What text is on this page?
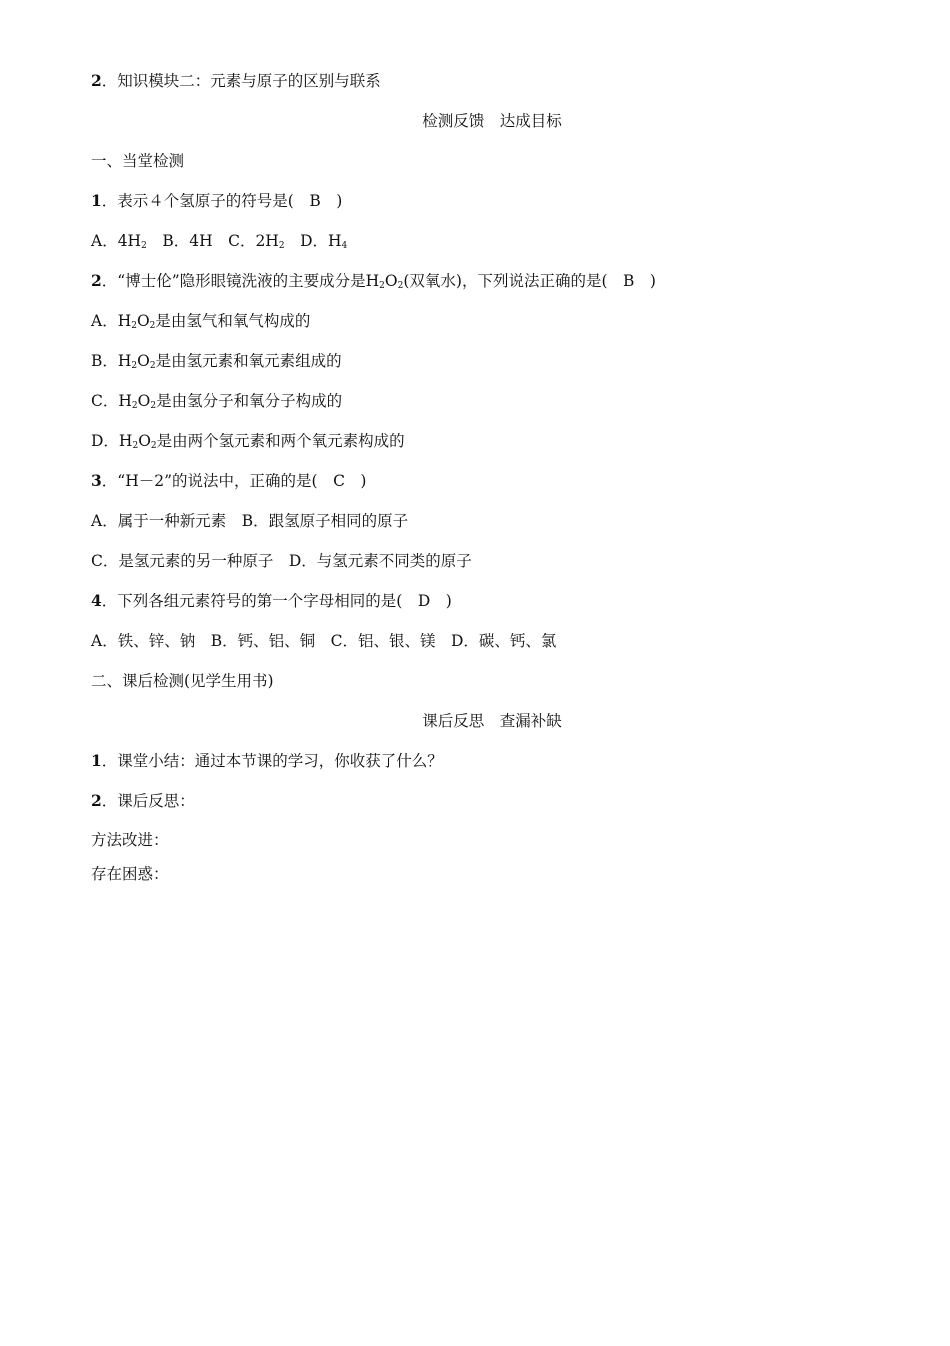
2．知识模块二：元素与原子的区别与联系
检测反馈　达成目标
一、当堂检测
1．表示４个氢原子的符号是(　B　)
A．$4H_2$　B．4H　C．$2H_2$　D．$H_4$
2．“博士伦”隐形眼镜洗液的主要成分是$H_2O_2$(双氧水)，下列说法正确的是(　B　)
A．$H_2O_2$是由氢气和氧气构成的
B．$H_2O_2$是由氢元素和氧元素组成的
C．$H_2O_2$是由氢分子和氧分子构成的
D．$H_2O_2$是由两个氢元素和两个氧元素构成的
3．“H－2”的说法中，正确的是(　C　)
A．属于一种新元素　B．跟氢原子相同的原子
C．是氢元素的另一种原子　D．与氢元素不同类的原子
4．下列各组元素符号的第一个字母相同的是(　D　)
A．铁、锌、钠　B．钙、铝、铜　C．铝、银、镁　D．碳、钙、氯
二、课后检测(见学生用书)
课后反思　查漏补缺
1．课堂小结：通过本节课的学习，你收获了什么？
2．课后反思：
方法改进：
存在困惑：
